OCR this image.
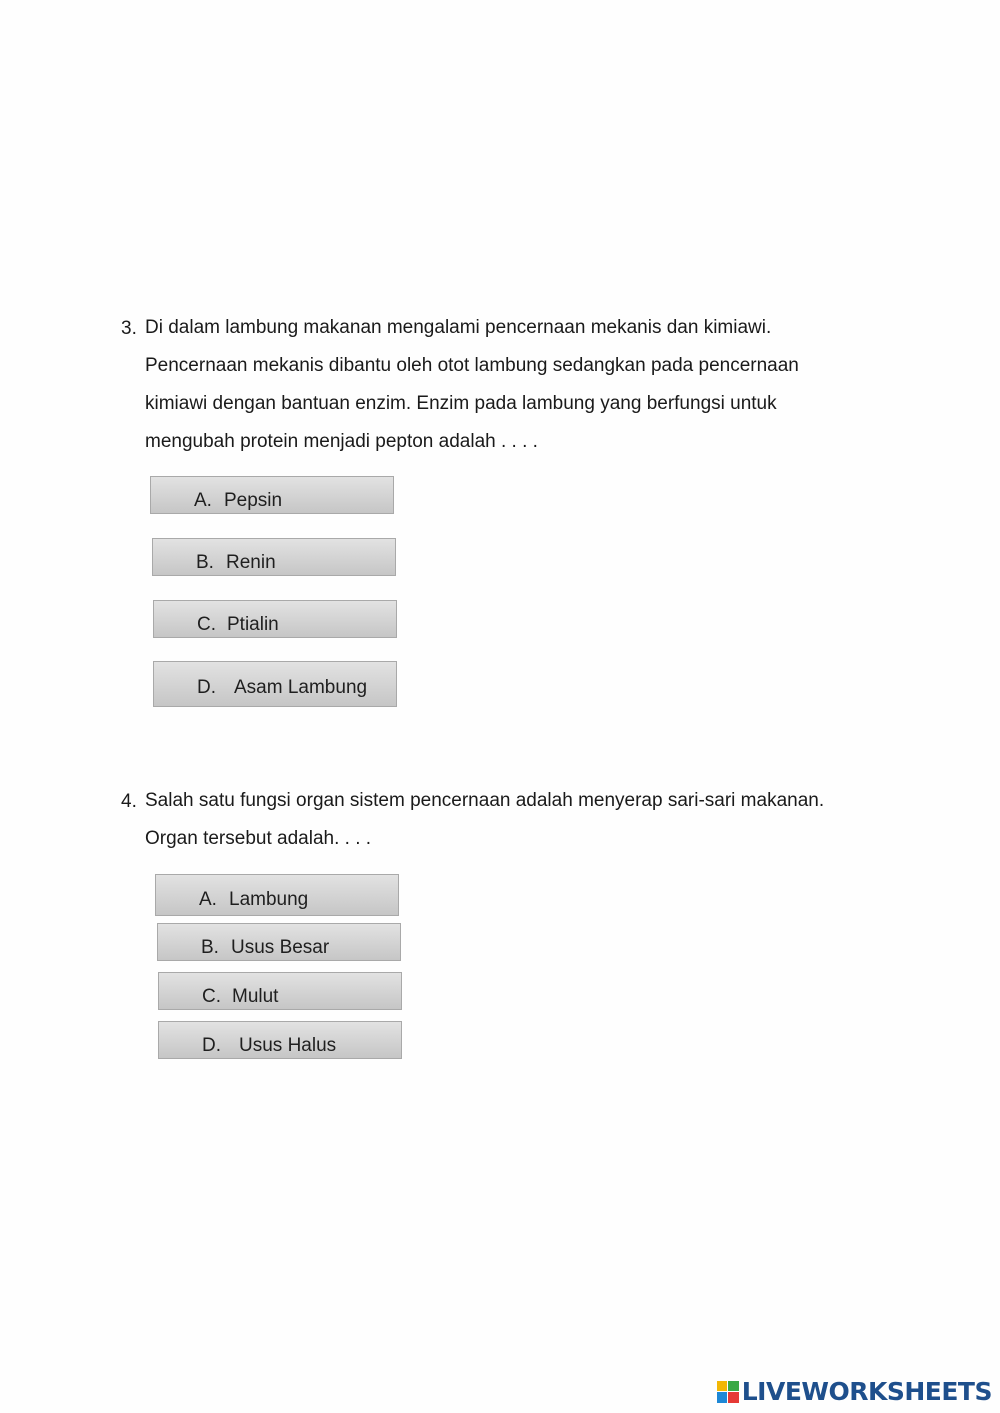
3. Di dalam lambung makanan mengalami pencernaan mekanis dan kimiawi.
Pencernaan mekanis dibantu oleh otot lambung sedangkan pada pencernaan
kimiawi dengan bantuan enzim. Enzim pada lambung yang berfungsi untuk
mengubah protein menjadi pepton adalah . . . .
A. Pepsin
B. Renin
C. Ptialin
D. Asam Lambung
4. Salah satu fungsi organ sistem pencernaan adalah menyerap sari-sari makanan.
Organ tersebut adalah. . . .
A. Lambung
B. Usus Besar
C. Mulut
D. Usus Halus
LIVEWORKSHEETS
